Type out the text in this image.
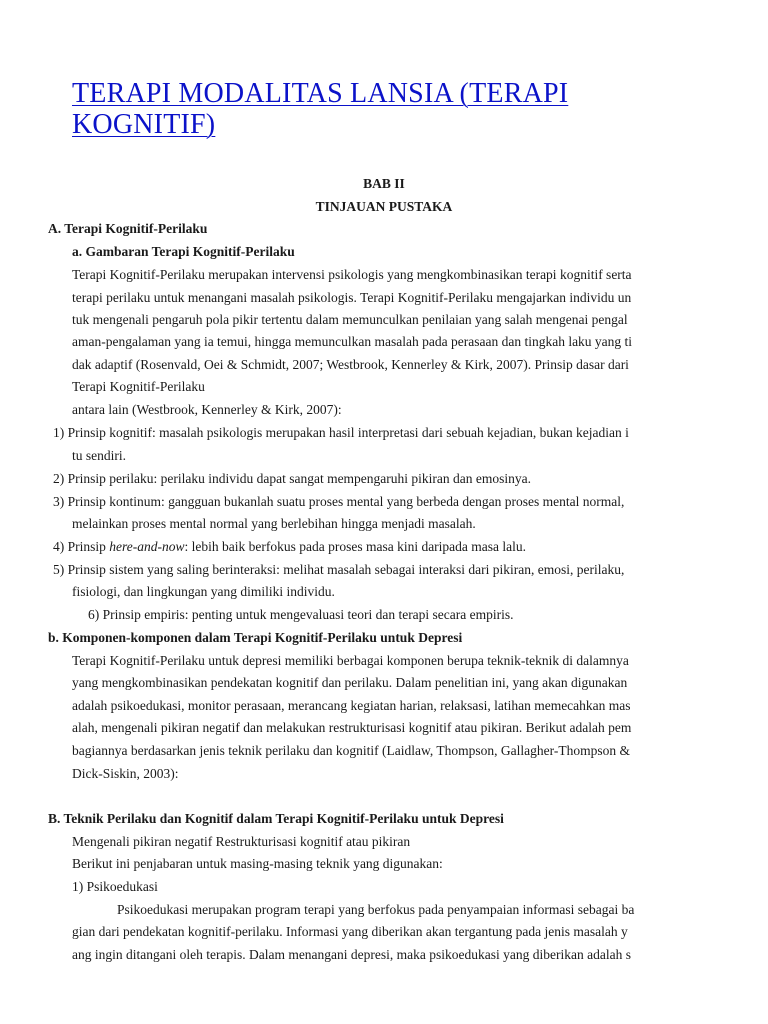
TERAPI MODALITAS LANSIA (TERAPI KOGNITIF)

BAB II

TINJAUAN PUSTAKA

A. Terapi Kognitif-Perilaku

a. Gambaran Terapi Kognitif-Perilaku

Terapi Kognitif-Perilaku merupakan intervensi psikologis yang mengkombinasikan terapi kognitif serta

terapi perilaku untuk menangani masalah psikologis. Terapi Kognitif-Perilaku mengajarkan individu un

tuk mengenali pengaruh pola pikir tertentu dalam memunculkan penilaian yang salah mengenai pengal

aman-pengalaman yang ia temui, hingga memunculkan masalah pada perasaan dan tingkah laku yang ti

dak adaptif (Rosenvald, Oei & Schmidt, 2007; Westbrook, Kennerley & Kirk, 2007). Prinsip dasar dari

Terapi Kognitif-Perilaku

antara lain (Westbrook, Kennerley & Kirk, 2007):

1) Prinsip kognitif: masalah psikologis merupakan hasil interpretasi dari sebuah kejadian, bukan kejadian i

tu sendiri.

2) Prinsip perilaku: perilaku individu dapat sangat mempengaruhi pikiran dan emosinya.

3) Prinsip kontinum: gangguan bukanlah suatu proses mental yang berbeda dengan proses mental normal,

melainkan proses mental normal yang berlebihan hingga menjadi masalah.

4) Prinsip here-and-now: lebih baik berfokus pada proses masa kini daripada masa lalu.

5) Prinsip sistem yang saling berinteraksi: melihat masalah sebagai interaksi dari pikiran, emosi, perilaku,

fisiologi, dan lingkungan yang dimiliki individu.

6) Prinsip empiris: penting untuk mengevaluasi teori dan terapi secara empiris.

b. Komponen-komponen dalam Terapi Kognitif-Perilaku untuk Depresi

Terapi Kognitif-Perilaku untuk depresi memiliki berbagai komponen berupa teknik-teknik di dalamnya

yang mengkombinasikan pendekatan kognitif dan perilaku. Dalam penelitian ini, yang akan digunakan

adalah psikoedukasi, monitor perasaan, merancang kegiatan harian, relaksasi, latihan memecahkan mas

alah, mengenali pikiran negatif dan melakukan restrukturisasi kognitif atau pikiran. Berikut adalah pem

bagiannya berdasarkan jenis teknik perilaku dan kognitif (Laidlaw, Thompson, Gallagher-Thompson &

Dick-Siskin, 2003):

B. Teknik Perilaku dan Kognitif dalam Terapi Kognitif-Perilaku untuk Depresi

Mengenali pikiran negatif Restrukturisasi kognitif atau pikiran

Berikut ini penjabaran untuk masing-masing teknik yang digunakan:

1) Psikoedukasi

Psikoedukasi merupakan program terapi yang berfokus pada penyampaian informasi sebagai ba

gian dari pendekatan kognitif-perilaku. Informasi yang diberikan akan tergantung pada jenis masalah y

ang ingin ditangani oleh terapis. Dalam menangani depresi, maka psikoedukasi yang diberikan adalah s
